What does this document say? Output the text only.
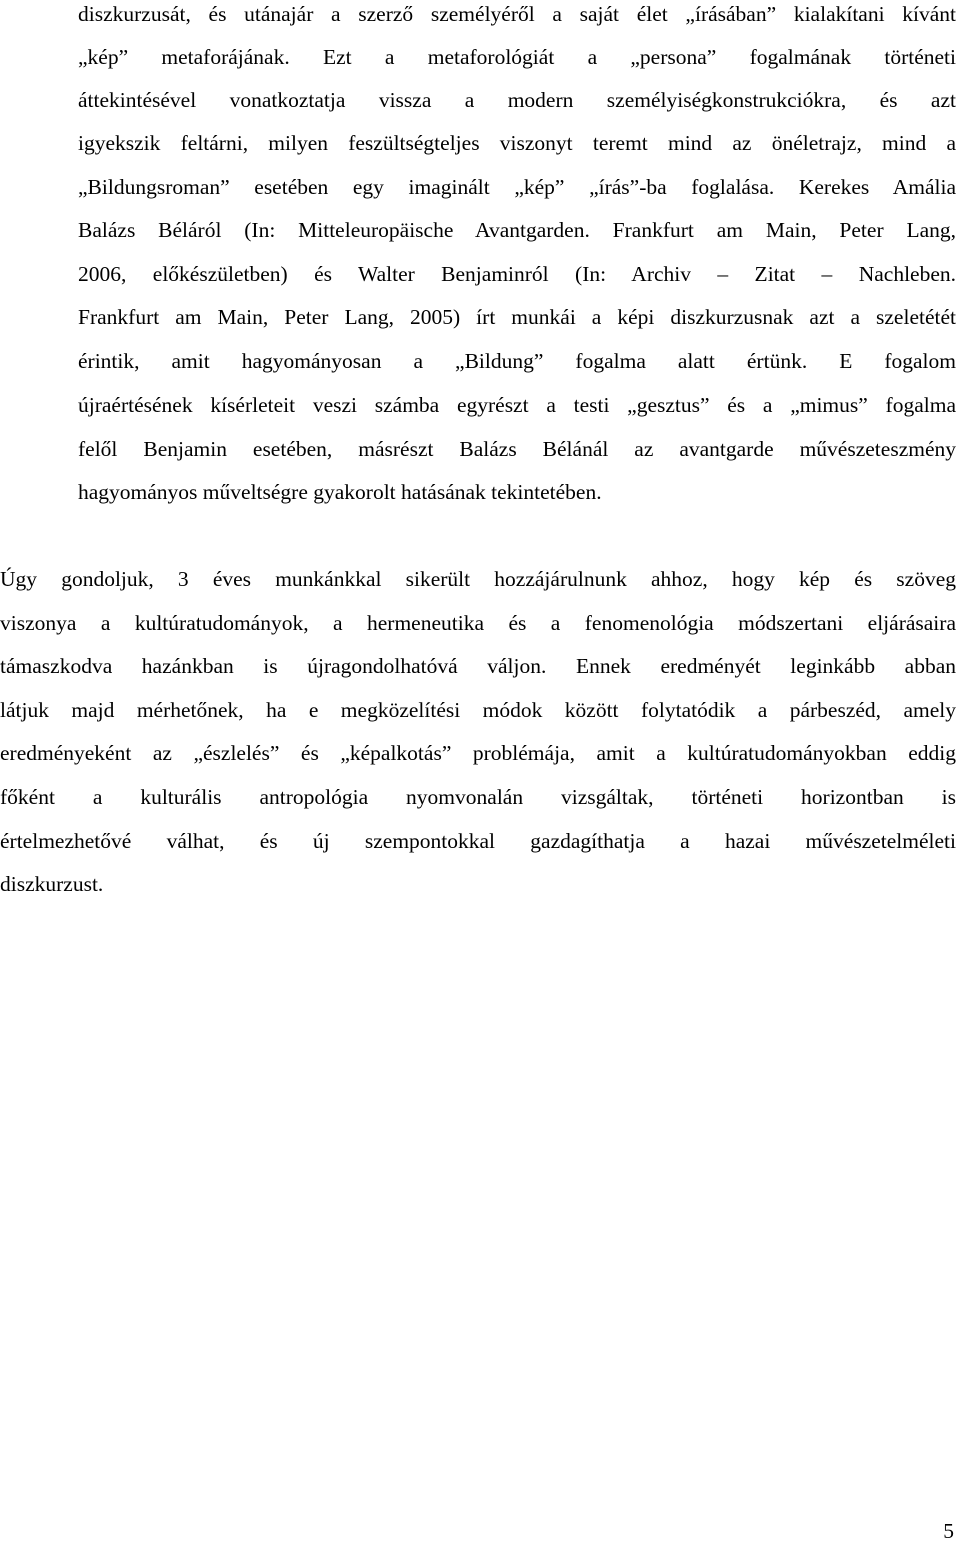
diszkurzusát, és utánajár a szerző személyéről a saját élet „írásában” kialakítani kívánt
„kép” metaforájának. Ezt a metaforológiát a „persona” fogalmának történeti
áttekintésével vonatkoztatja vissza a modern személyiségkonstrukciókra, és azt
igyekszik feltárni, milyen feszültségteljes viszonyt teremt mind az önéletrajz, mind a
„Bildungsroman” esetében egy imaginált „kép” „írás”-ba foglalása. Kerekes Amália
Balázs Béláról (In: Mitteleuropäische Avantgarden. Frankfurt am Main, Peter Lang,
2006, előkészületben) és Walter Benjaminról (In: Archiv – Zitat – Nachleben.
Frankfurt am Main, Peter Lang, 2005) írt munkái a képi diszkurzusnak azt a szeletétét
érintik, amit hagyományosan a „Bildung” fogalma alatt értünk. E fogalom
újraértésének kísérleteit veszi számba egyrészt a testi „gesztus” és a „mimus” fogalma
felől Benjamin esetében, másrészt Balázs Bélánál az avantgarde művészeteszmény
hagyományos műveltségre gyakorolt hatásának tekintetében.
Úgy gondoljuk, 3 éves munkánkkal sikerült hozzájárulnunk ahhoz, hogy kép és szöveg
viszonya a kultúratudományok, a hermeneutika és a fenomenológia módszertani eljárásaira
támaszkodva hazánkban is újragondolhatóvá váljon. Ennek eredményét leginkább abban
látjuk majd mérhetőnek, ha e megközelítési módok között folytatódik a párbeszéd, amely
eredményeként az „észlelés” és „képalkotás” problémája, amit a kultúratudományokban eddig
főként a kulturális antropológia nyomvonalán vizsgáltak, történeti horizontban is
értelmezhetővé válhat, és új szempontokkal gazdagíthatja a hazai művészetelméleti
diszkurzust.
5
